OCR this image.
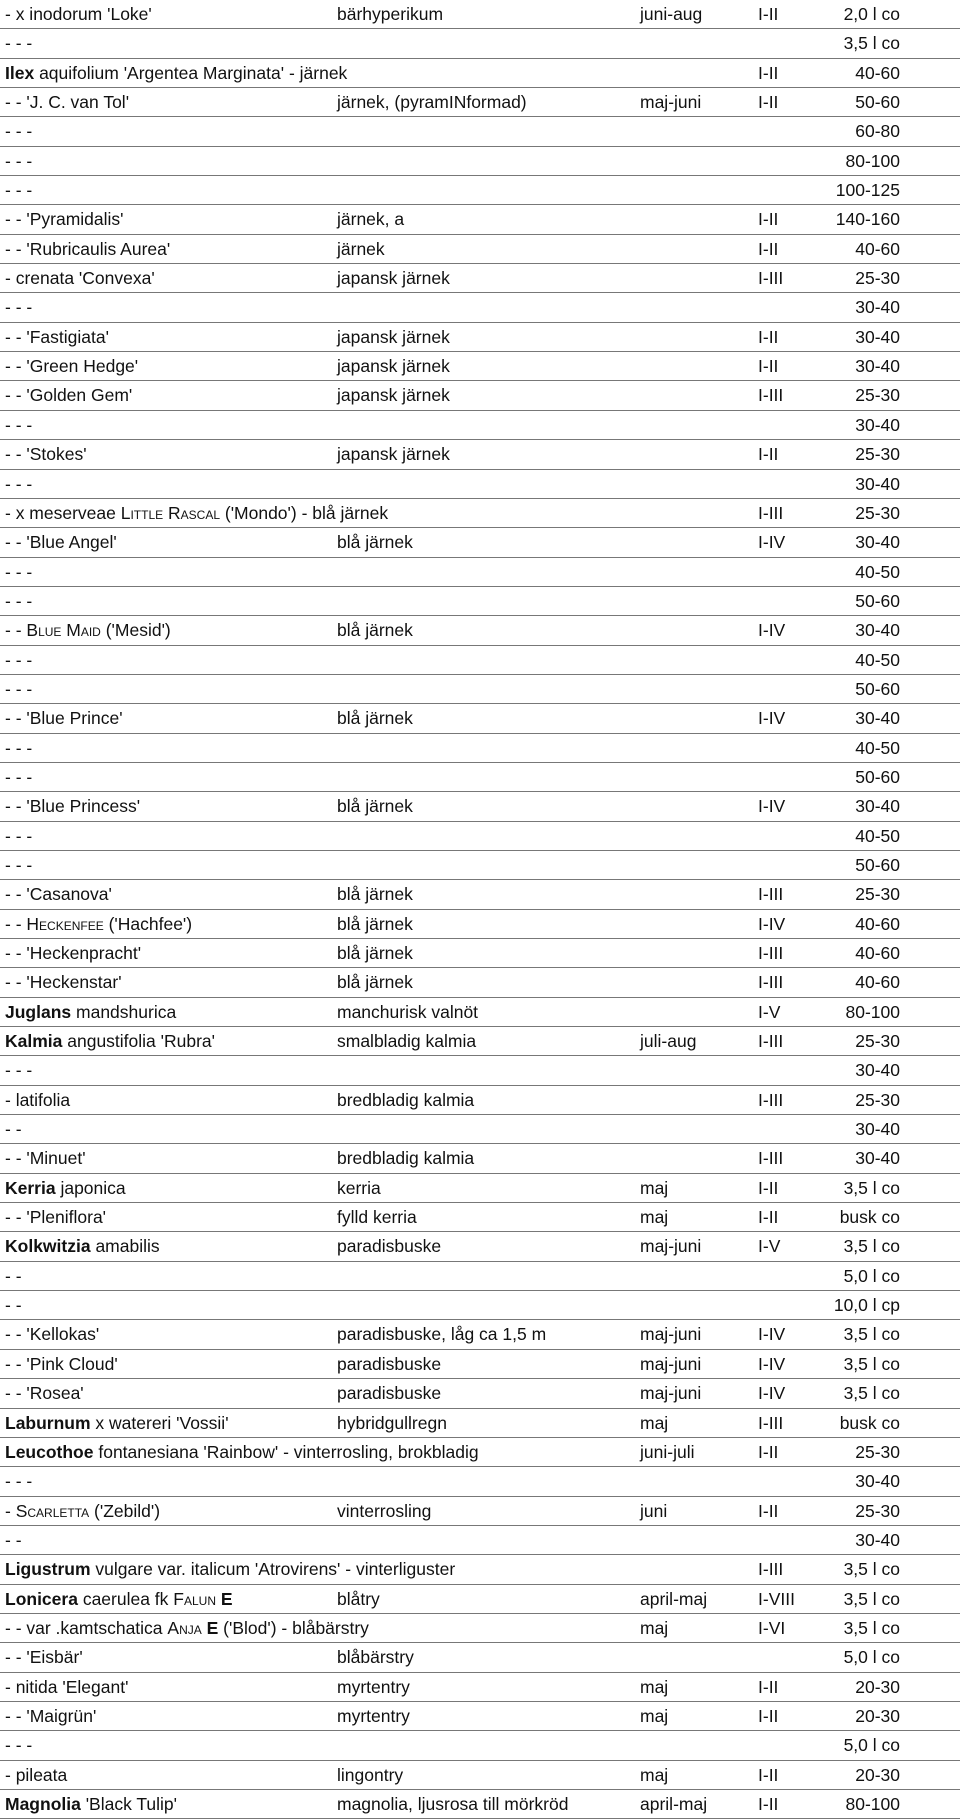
- x inodorum 'Loke'	bärhyperikum	juni-aug	I-II	2,0 l co
- - -	3,5 l co
Ilex aquifolium 'Argentea Marginata' - järnek	I-II	40-60
- - 'J. C. van Tol'	järnek, (pyramINformad)	maj-juni	I-II	50-60
- - -	60-80
- - -	80-100
- - -	100-125
- - 'Pyramidalis'	järnek, a	I-II	140-160
- - 'Rubricaulis Aurea'	järnek	I-II	40-60
- crenata 'Convexa'	japansk järnek	I-III	25-30
- - -	30-40
- - 'Fastigiata'	japansk järnek	I-II	30-40
- - 'Green Hedge'	japansk järnek	I-II	30-40
- - 'Golden Gem'	japansk järnek	I-III	25-30
- - -	30-40
- - 'Stokes'	japansk järnek	I-II	25-30
- - -	30-40
- x meserveae Little Rascal ('Mondo') - blå järnek	I-III	25-30
- - 'Blue Angel'	blå järnek	I-IV	30-40
- - -	40-50
- - -	50-60
- - Blue Maid ('Mesid')	blå järnek	I-IV	30-40
- - -	40-50
- - -	50-60
- - 'Blue Prince'	blå järnek	I-IV	30-40
- - -	40-50
- - -	50-60
- - 'Blue Princess'	blå järnek	I-IV	30-40
- - -	40-50
- - -	50-60
- - 'Casanova'	blå järnek	I-III	25-30
- - Heckenfee ('Hachfee')	blå järnek	I-IV	40-60
- - 'Heckenpracht'	blå järnek	I-III	40-60
- - 'Heckenstar'	blå järnek	I-III	40-60
Juglans mandshurica	manchurisk valnöt	I-V	80-100
Kalmia angustifolia 'Rubra'	smalbladig kalmia	juli-aug	I-III	25-30
- - -	30-40
- latifolia	bredbladig kalmia	I-III	25-30
- -	30-40
- - 'Minuet'	bredbladig kalmia	I-III	30-40
Kerria japonica	kerria	maj	I-II	3,5 l co
- - 'Pleniflora'	fylld kerria	maj	I-II	busk co
Kolkwitzia amabilis	paradisbuske	maj-juni	I-V	3,5 l co
- -	5,0 l co
- -	10,0 l cp
- - 'Kellokas'	paradisbuske, låg ca 1,5 m	maj-juni	I-IV	3,5 l co
- - 'Pink Cloud'	paradisbuske	maj-juni	I-IV	3,5 l co
- - 'Rosea'	paradisbuske	maj-juni	I-IV	3,5 l co
Laburnum x watereri 'Vossii'	hybridgullregn	maj	I-III	busk co
Leucothoe fontanesiana 'Rainbow' - vinterrosling, brokbladig	juni-juli	I-II	25-30
- - -	30-40
- Scarletta ('Zebild')	vinterrosling	juni	I-II	25-30
- -	30-40
Ligustrum vulgare var. italicum 'Atrovirens' - vinterliguster	I-III	3,5 l co
Lonicera caerulea fk Falun E	blåtry	april-maj	I-VIII	3,5 l co
- - var .kamtschatica Anja E ('Blod') - blåbärstry	maj	I-VI	3,5 l co
- - 'Eisbär'	blåbärstry	5,0 l co
- nitida 'Elegant'	myrtentry	maj	I-II	20-30
- - 'Maigrün'	myrtentry	maj	I-II	20-30
- - -	5,0 l co
- pileata	lingontry	maj	I-II	20-30
Magnolia 'Black Tulip'	magnolia, ljusrosa till mörkröd	april-maj	I-II	80-100
